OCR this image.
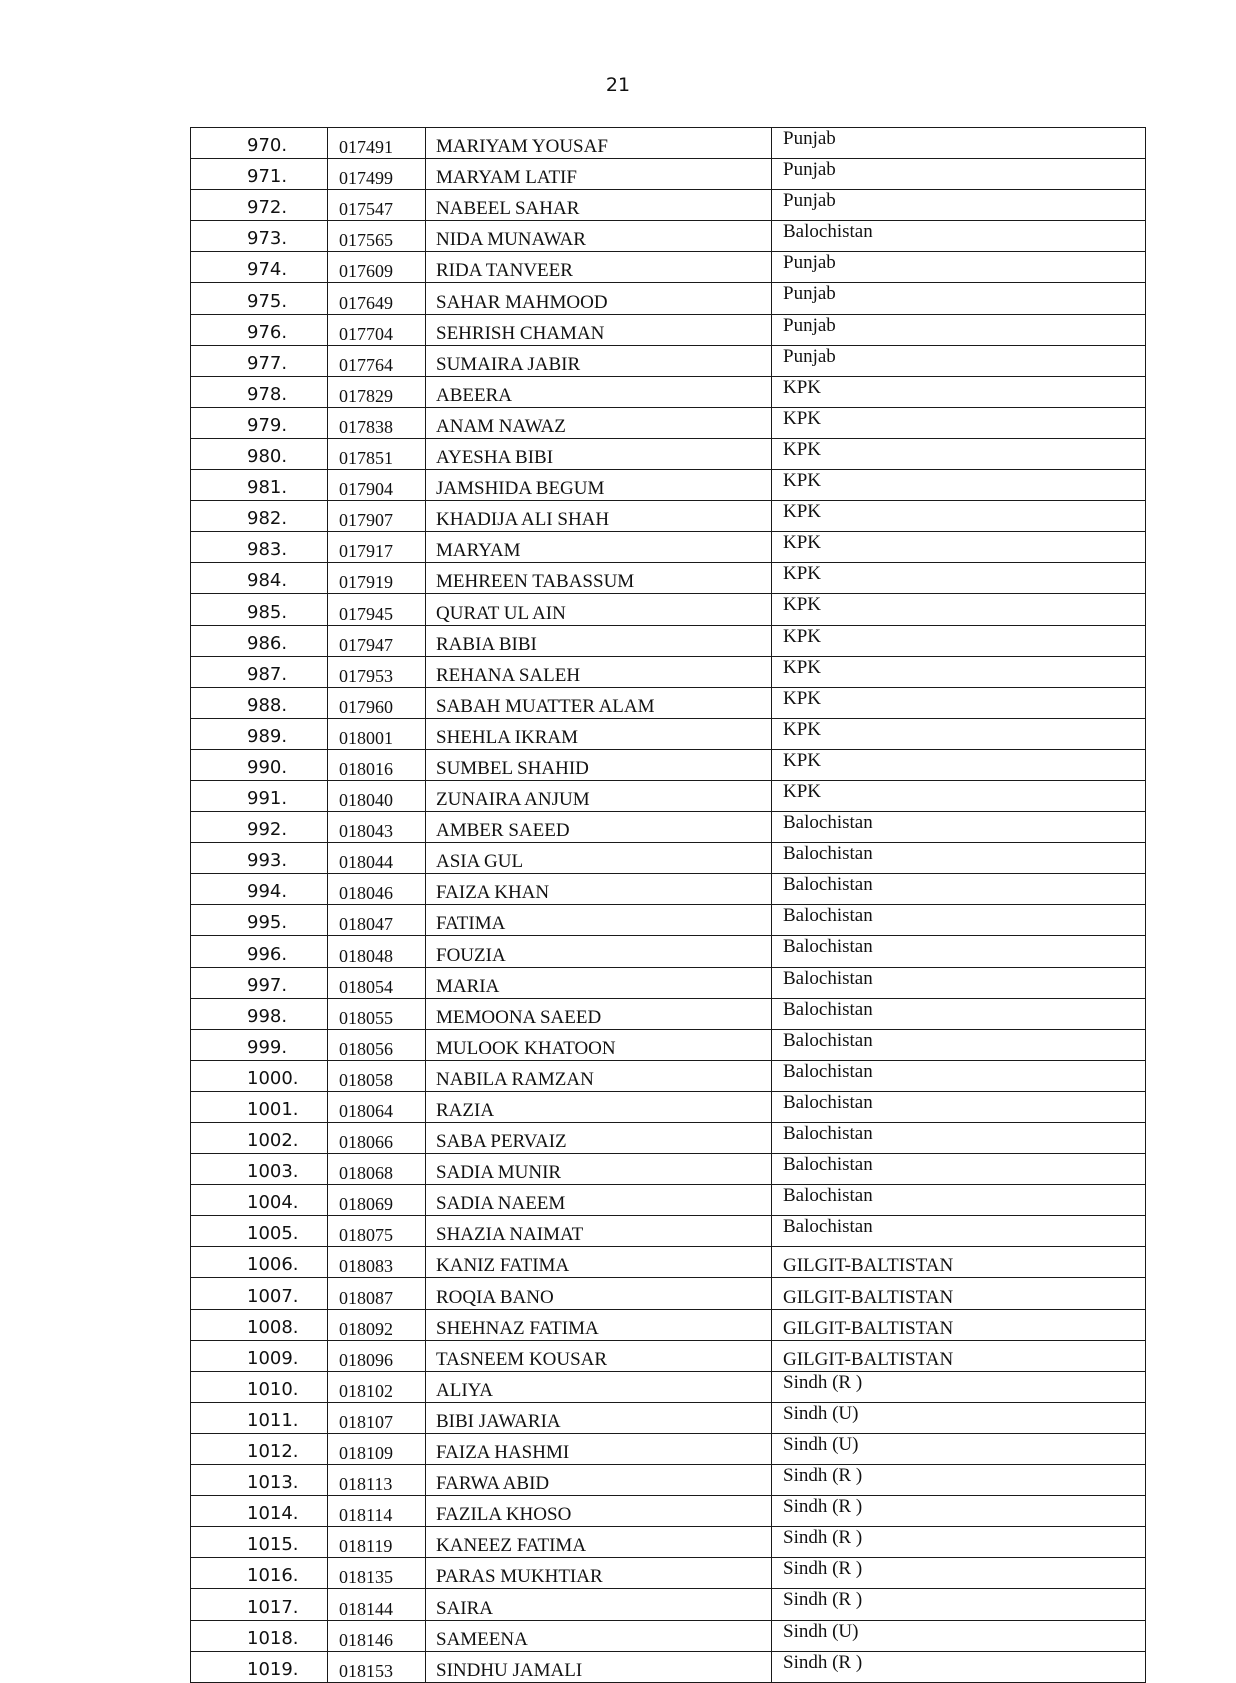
21
970.	017491	MARIYAM YOUSAF	Punjab
971.	017499	MARYAM LATIF	Punjab
972.	017547	NABEEL SAHAR	Punjab
973.	017565	NIDA MUNAWAR	Balochistan
974.	017609	RIDA TANVEER	Punjab
975.	017649	SAHAR MAHMOOD	Punjab
976.	017704	SEHRISH CHAMAN	Punjab
977.	017764	SUMAIRA JABIR	Punjab
978.	017829	ABEERA	KPK
979.	017838	ANAM NAWAZ	KPK
980.	017851	AYESHA BIBI	KPK
981.	017904	JAMSHIDA BEGUM	KPK
982.	017907	KHADIJA ALI SHAH	KPK
983.	017917	MARYAM	KPK
984.	017919	MEHREEN TABASSUM	KPK
985.	017945	QURAT UL AIN	KPK
986.	017947	RABIA BIBI	KPK
987.	017953	REHANA SALEH	KPK
988.	017960	SABAH MUATTER ALAM	KPK
989.	018001	SHEHLA IKRAM	KPK
990.	018016	SUMBEL SHAHID	KPK
991.	018040	ZUNAIRA ANJUM	KPK
992.	018043	AMBER SAEED	Balochistan
993.	018044	ASIA GUL	Balochistan
994.	018046	FAIZA KHAN	Balochistan
995.	018047	FATIMA	Balochistan
996.	018048	FOUZIA	Balochistan
997.	018054	MARIA	Balochistan
998.	018055	MEMOONA SAEED	Balochistan
999.	018056	MULOOK KHATOON	Balochistan
1000.	018058	NABILA RAMZAN	Balochistan
1001.	018064	RAZIA	Balochistan
1002.	018066	SABA PERVAIZ	Balochistan
1003.	018068	SADIA MUNIR	Balochistan
1004.	018069	SADIA NAEEM	Balochistan
1005.	018075	SHAZIA NAIMAT	Balochistan
1006.	018083	KANIZ FATIMA	GILGIT-BALTISTAN
1007.	018087	ROQIA BANO	GILGIT-BALTISTAN
1008.	018092	SHEHNAZ FATIMA	GILGIT-BALTISTAN
1009.	018096	TASNEEM KOUSAR	GILGIT-BALTISTAN
1010.	018102	ALIYA	Sindh (R )
1011.	018107	BIBI JAWARIA	Sindh (U)
1012.	018109	FAIZA HASHMI	Sindh (U)
1013.	018113	FARWA ABID	Sindh (R )
1014.	018114	FAZILA KHOSO	Sindh (R )
1015.	018119	KANEEZ FATIMA	Sindh (R )
1016.	018135	PARAS MUKHTIAR	Sindh (R )
1017.	018144	SAIRA	Sindh (R )
1018.	018146	SAMEENA	Sindh (U)
1019.	018153	SINDHU JAMALI	Sindh (R )
